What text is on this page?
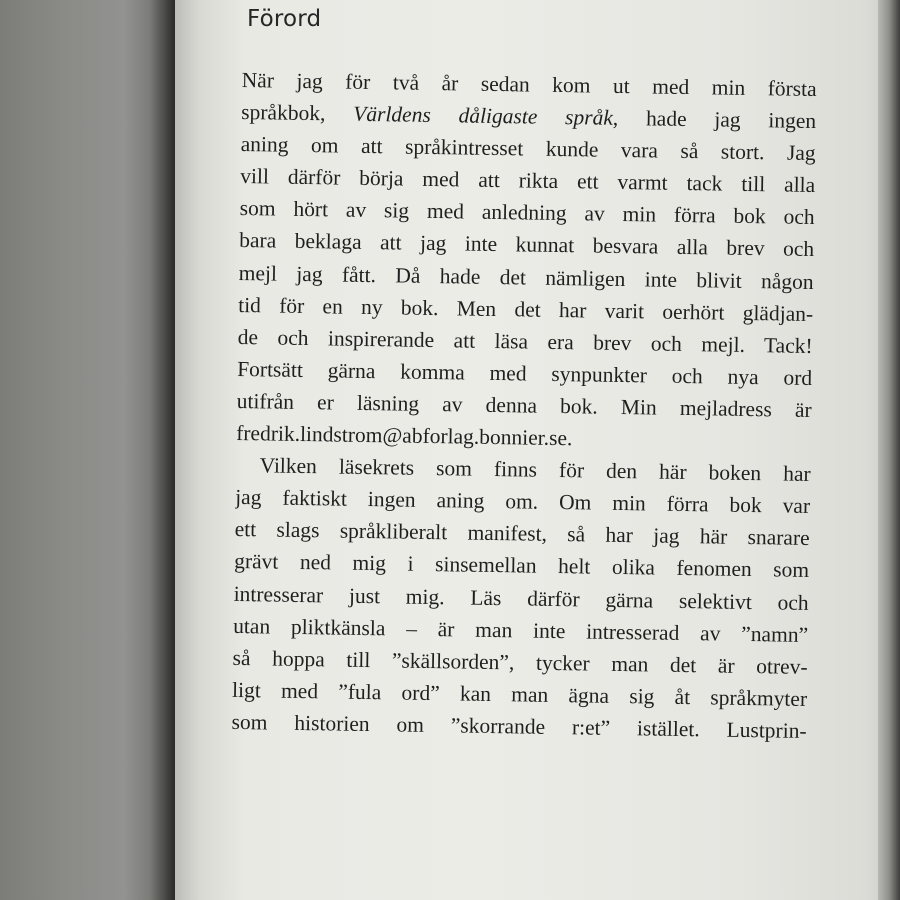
Förord
När jag för två år sedan kom ut med min första
språkbok, Världens dåligaste språk, hade jag ingen
aning om att språkintresset kunde vara så stort. Jag
vill därför börja med att rikta ett varmt tack till alla
som hört av sig med anledning av min förra bok och
bara beklaga att jag inte kunnat besvara alla brev och
mejl jag fått. Då hade det nämligen inte blivit någon
tid för en ny bok. Men det har varit oerhört glädjan-
de och inspirerande att läsa era brev och mejl. Tack!
Fortsätt gärna komma med synpunkter och nya ord
utifrån er läsning av denna bok. Min mejladress är
fredrik.lindstrom@abforlag.bonnier.se.
Vilken läsekrets som finns för den här boken har
jag faktiskt ingen aning om. Om min förra bok var
ett slags språkliberalt manifest, så har jag här snarare
grävt ned mig i sinsemellan helt olika fenomen som
intresserar just mig. Läs därför gärna selektivt och
utan pliktkänsla – är man inte intresserad av ”namn”
så hoppa till ”skällsorden”, tycker man det är otrev-
ligt med ”fula ord” kan man ägna sig åt språkmyter
som historien om ”skorrande r:et” istället. Lustprin-
